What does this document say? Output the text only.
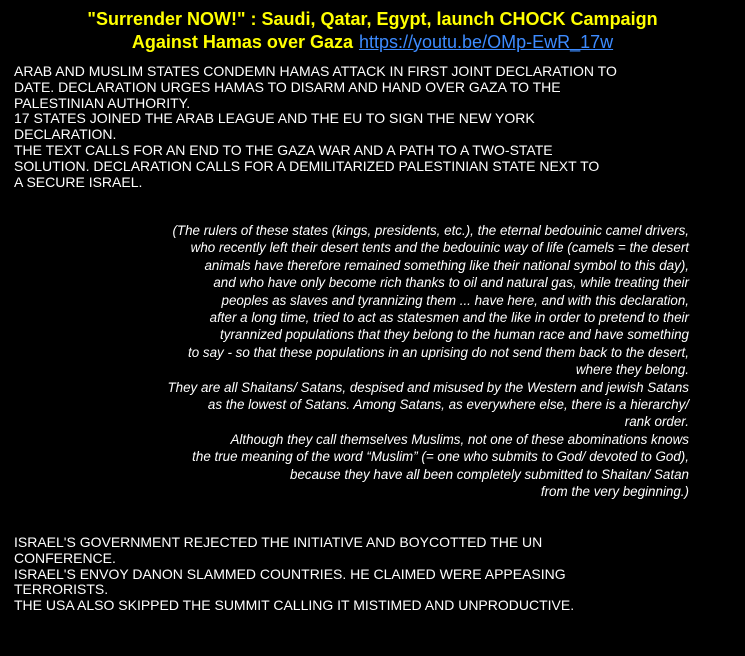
"Surrender NOW!" : Saudi, Qatar, Egypt, launch CHOCK Campaign
Against Hamas over Gaza https://youtu.be/OMp-EwR_17w
ARAB AND MUSLIM STATES CONDEMN HAMAS ATTACK IN FIRST JOINT DECLARATION TO
DATE. DECLARATION URGES HAMAS TO DISARM AND HAND OVER GAZA TO THE
PALESTINIAN AUTHORITY.
17 STATES JOINED THE ARAB LEAGUE AND THE EU TO SIGN THE NEW YORK
DECLARATION.
THE TEXT CALLS FOR AN END TO THE GAZA WAR AND A PATH TO A TWO-STATE
SOLUTION. DECLARATION CALLS FOR A DEMILITARIZED PALESTINIAN STATE NEXT TO
A SECURE ISRAEL.
(The rulers of these states (kings, presidents, etc.), the eternal bedouinic camel drivers,
who recently left their desert tents and the bedouinic way of life (camels = the desert
animals have therefore remained something like their national symbol to this day),
and who have only become rich thanks to oil and natural gas, while treating their
peoples as slaves and tyrannizing them ... have here, and with this declaration,
after a long time, tried to act as statesmen and the like in order to pretend to their
tyrannized populations that they belong to the human race and have something
to say - so that these populations in an uprising do not send them back to the desert,
where they belong.
They are all Shaitans/ Satans, despised and misused by the Western and jewish Satans
as the lowest of Satans. Among Satans, as everywhere else, there is a hierarchy/
rank order.
Although they call themselves Muslims, not one of these abominations knows
the true meaning of the word “Muslim” (= one who submits to God/ devoted to God),
because they have all been completely submitted to Shaitan/ Satan
from the very beginning.)
ISRAEL'S GOVERNMENT REJECTED THE INITIATIVE AND BOYCOTTED THE UN
CONFERENCE.
ISRAEL'S ENVOY DANON SLAMMED COUNTRIES. HE CLAIMED WERE APPEASING
TERRORISTS.
THE USA ALSO SKIPPED THE SUMMIT CALLING IT MISTIMED AND UNPRODUCTIVE.
